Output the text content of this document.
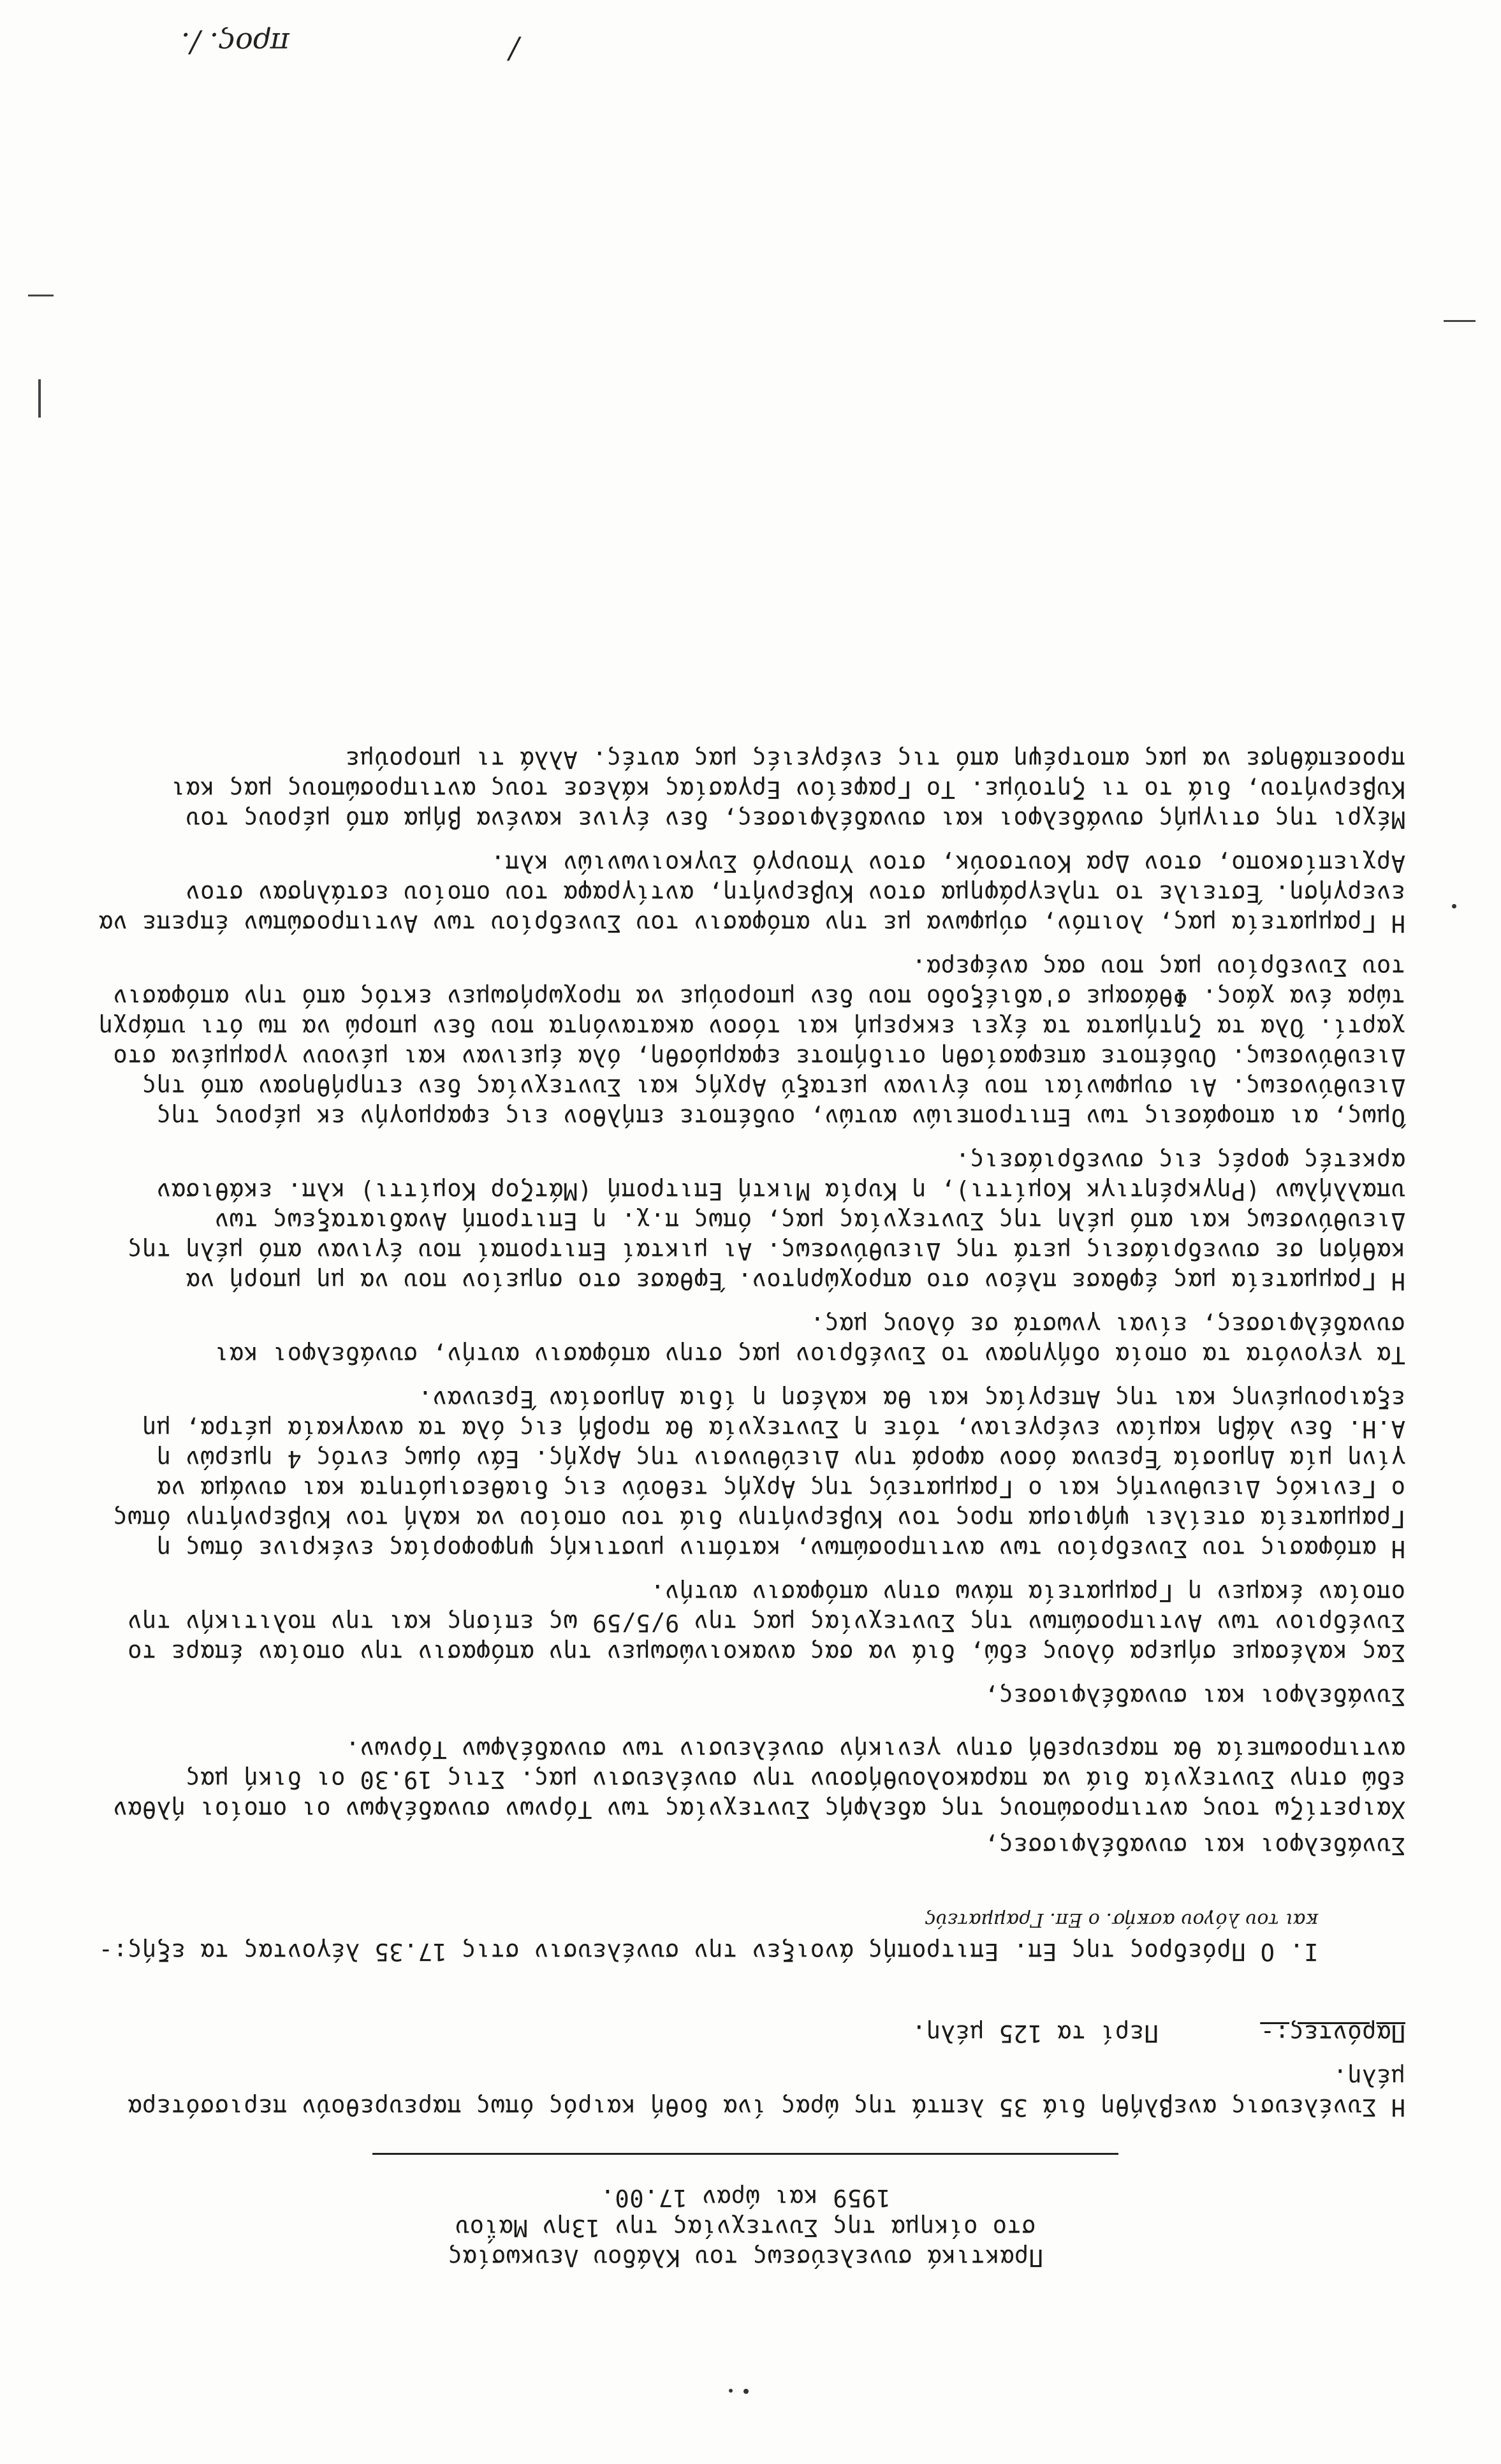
Πρακτικά συνελεύσεως του Κλάδου Λευκωσίας
στο οίκημα της Συντεχνίας την 13ην Μαΐου
1959 και ώραν 17.00.

Η Συνέλευσις ανεβλήθη διά 35 λεπτά της ώρας ίνα δοθή καιρός όπως παρευρεθούν περισσότερα μέλη.

Παρόντες:-       Περί τα 125 μέλη.

Ι. Ο Πρόεδρος της Επ. Επιτροπής άνοιξεν την συνέλευσιν στις 17.35 λέγοντας τα εξής:-
και του λόγου ασκήσ. ο Επ. Γραμματεύς

Συνάδελφοι και συναδέλφισσες,

Χαιρετίζω τους αντιπροσώπους της αδελφής Συντεχνίας των Τόρνων συναδέλφων οι οποίοι ήλθαν εδώ στην Συντεχνία διά να παρακολουθήσουν την συνέλευσιν μας. Στις 19.30 οι δική μας αντιπροσωπεία θα παρευρεθή στην γενικήν συνέλευσιν των συναδέλφων Τόρνων.

Συνάδελφοι και συναδέλφισσες,

Σας καλέσαμε σήμερα όλους εδώ, διά να σας ανακοινώσωμεν την απόφασιν την οποίαν έπαρε το Συνέδριον των Αντιπροσώπων της Συντεχνίας μας την 9/5/59 ως επίσης και την πολιτικήν την οποίαν έκαμεν η Γραμματεία πάνω στην απόφασιν αυτήν.

Η απόφασις του Συνεδρίου των αντιπροσώπων, κατόπιν μυστικής ψηφοφορίας ενέκρινε όπως η Γραμματεία στείλει ψήφισμα προς τον Κυβερνήτην διά του οποίου να καλή τον Κυβερνήτην όπως ο Γενικός Διευθυντής και ο Γραμματεύς της Αρχής τεθούν εις διαθεσιμότητα και συνάμα να γίνη μία Δημοσία Έρευνα όσον αφορά την Διεύθυνσιν της Αρχής. Εάν όμως εντός 4 ημερών η Α.Η. δεν λάβη καμίαν ενέργειαν, τότε η Συντεχνία θα προβή εις όλα τα αναγκαία μέτρα, μη εξαιρουμένης και της Απεργίας και θα καλέση η ίδια Δημοσίαν Έρευναν.

Τα γεγονότα τα οποία οδήγησαν το Συνέδριον μας στην απόφασιν αυτήν, συνάδελφοι και συναδέλφισσες, είναι γνωστά σε όλους μας.

Η Γραμματεία μας έφθασε πλέον στο απροχώρητον. Έφθασε στο σημείον που να μη μπορή να καθήση σε συνεδριάσεις μετά της Διευθύνσεως. Αι μικταί Επιτροπαί που έγιναν από μέλη της Διευθύνσεως και από μέλη της Συντεχνίας μας, όπως π.χ. η Επιτροπή Αναδιαταξεως των υπαλλήλων (Ρηγκρέητιγκ Κομίττι), η Κυρία Μικτή Επιτροπή (Μάτζορ Κομίττι) κλπ. εκάθισαν αρκετές φορές εις συνεδριάσεις.

Όμως, αι αποφάσεις των Επιτροπειών αυτών, ουδέποτε επήλθον εις εφαρμογήν εκ μέρους της Διευθύνσεως. Αι συμφωνίαι που έγιναν μεταξύ Αρχής και Συντεχνίας δεν ετηρήθησαν από της Διευθύνσεως. Ουδέποτε απεφασίσθη οτιδήποτε εφαρμόσθη, όλα έμειναν και μένουν γραμμένα στο χαρτί. Όλα τα ζητήματα τα έχει εκκρεμή και τόσον ακατανόητα που δεν μπορώ να πω ότι υπάρχη τώρα ένα χάος. Φθάσαμε σ'αδιέξοδο που δεν μπορούμε να προχωρήσωμεν εκτός από την απόφασιν του Συνεδρίου μας που σας ανέφερα.

Η Γραμματεία μας, λοιπόν, σύμφωνα με την απόφασιν του Συνεδρίου των Αντιπροσώπων έπρεπε να ενεργήση. Έστειλε το τηλεγράφημα στον Κυβερνήτη, αντίγραφα του οποίου εστάλησαν στον Αρχιεπίσκοπο, στον Δρα Κουτσούκ, στον Υπουργό Συγκοινωνιών κλπ.

Μέχρι της στιγμής συνάδελφοι και συναδέλφισσες, δεν έγινε κανένα βήμα από μέρους του Κυβερνήτου, διά το τι ζητούμε. Το Γραφείον Εργασίας κάλεσε τους αντιπροσώπους μας και προσεπάθησε να μας αποτρέψη από τις ενέργειές μας αυτές. Αλλά τι μπορούμε

/
προς. /.
